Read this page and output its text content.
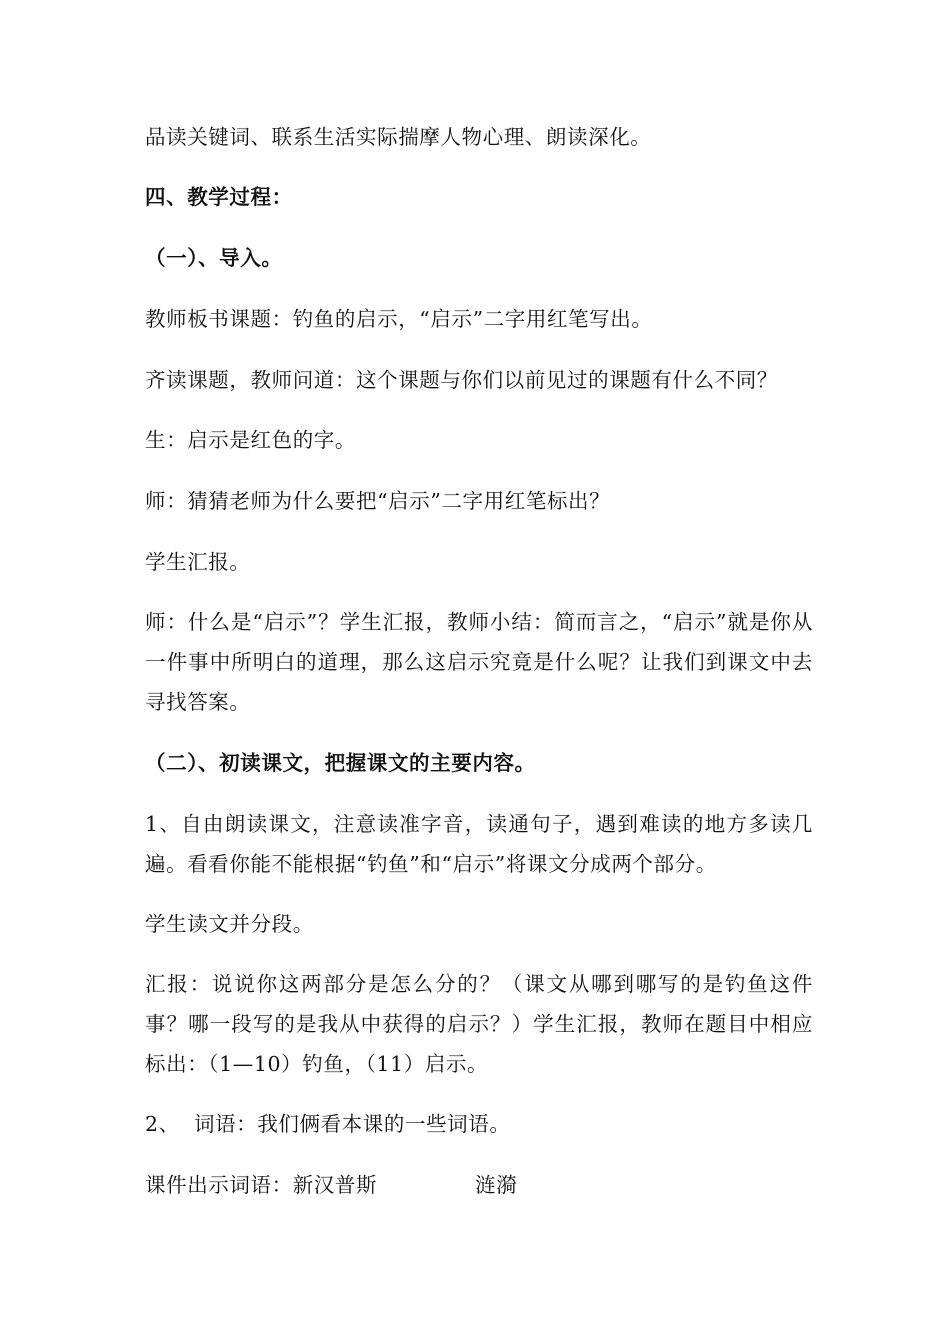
品读关键词、联系生活实际揣摩人物心理、朗读深化。
四、教学过程：
（一）、导入。
教师板书课题：钓鱼的启示，“启示”二字用红笔写出。
齐读课题，教师问道：这个课题与你们以前见过的课题有什么不同？
生：启示是红色的字。
师：猜猜老师为什么要把“启示”二字用红笔标出？
学生汇报。
师：什么是“启示”？学生汇报，教师小结：简而言之，“启示”就是你从一件事中所明白的道理，那么这启示究竟是什么呢？让我们到课文中去寻找答案。
（二）、初读课文，把握课文的主要内容。
1、自由朗读课文，注意读准字音，读通句子，遇到难读的地方多读几遍。看看你能不能根据“钓鱼”和“启示”将课文分成两个部分。
学生读文并分段。
汇报：说说你这两部分是怎么分的？（课文从哪到哪写的是钓鱼这件事？哪一段写的是我从中获得的启示？）学生汇报，教师在题目中相应标出：（1—10）钓鱼，（11）启示。
2、  词语：我们俩看本课的一些词语。
课件出示词语：新汉普斯	涟漪
